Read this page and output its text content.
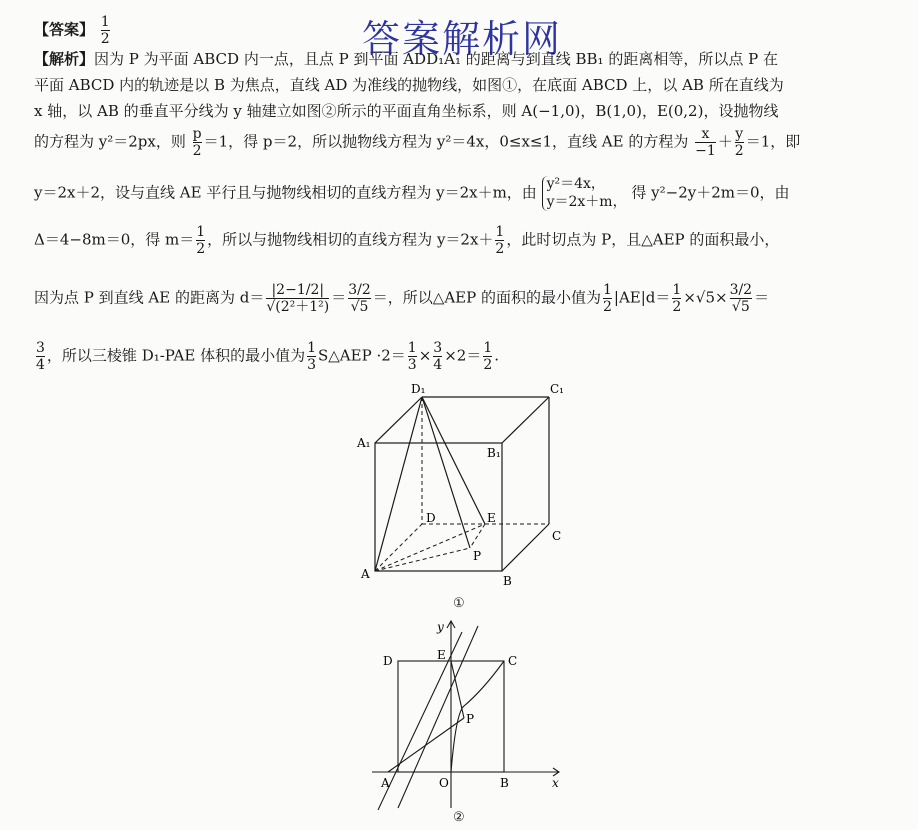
答案解析网
【答案】 $\frac{1}{2}$
【解析】因为 P 为平面 ABCD 内一点，且点 P 到平面 ADD₁A₁ 的距离与到直线 BB₁ 的距离相等，所以点 P 在
平面 ABCD 内的轨迹是以 B 为焦点，直线 AD 为准线的抛物线，如图①，在底面 ABCD 上，以 AB 所在直线为
x 轴，以 AB 的垂直平分线为 y 轴建立如图②所示的平面直角坐标系，则 A(−1,0)，B(1,0)，E(0,2)，设抛物线
的方程为 y²＝2px，则 $\frac{p}{2} =1$，得 p＝2，所以抛物线方程为 y²＝4x，0≤x≤1，直线 AE 的方程为 $\frac{x}{-1} + \frac{y}{2} =1$，即
y＝2x＋2，设与直线 AE 平行且与抛物线相切的直线方程为 y＝2x＋m，由 y²＝4x，
y＝2x＋m， 得 y²−2y＋2m＝0，由
Δ＝4−8m＝0，得 $m= \frac{1}{2}$ ，所以与抛物线相切的直线方程为 $y=2x+ \frac{1}{2}$ ，此时切点为 P，且△AEP 的面积最小，
因为点 P 到直线 AE 的距离为 $d= \frac{|2-1/2|}{\text{√(2²＋1²)}} = \frac{3/2}{√5}$ ＝，所以△AEP 的面积的最小值为 $\frac{1}{2} |AE|d= \frac{1}{2} \times√5\times \frac{3/2}{√5}$ ＝
$\frac{3}{4}$ ，所以三棱锥 D₁-PAE 体积的最小值为 $\frac{1}{3}$ S△AEP $\cdot 2= \frac{1}{3} \times \frac{3}{4} \times 2= \frac{1}{2}$ .
D₁	C₁
A₁
B₁
D	E
C
P
A	B
①
y
D	E	C
P
A	O	B	x
②
